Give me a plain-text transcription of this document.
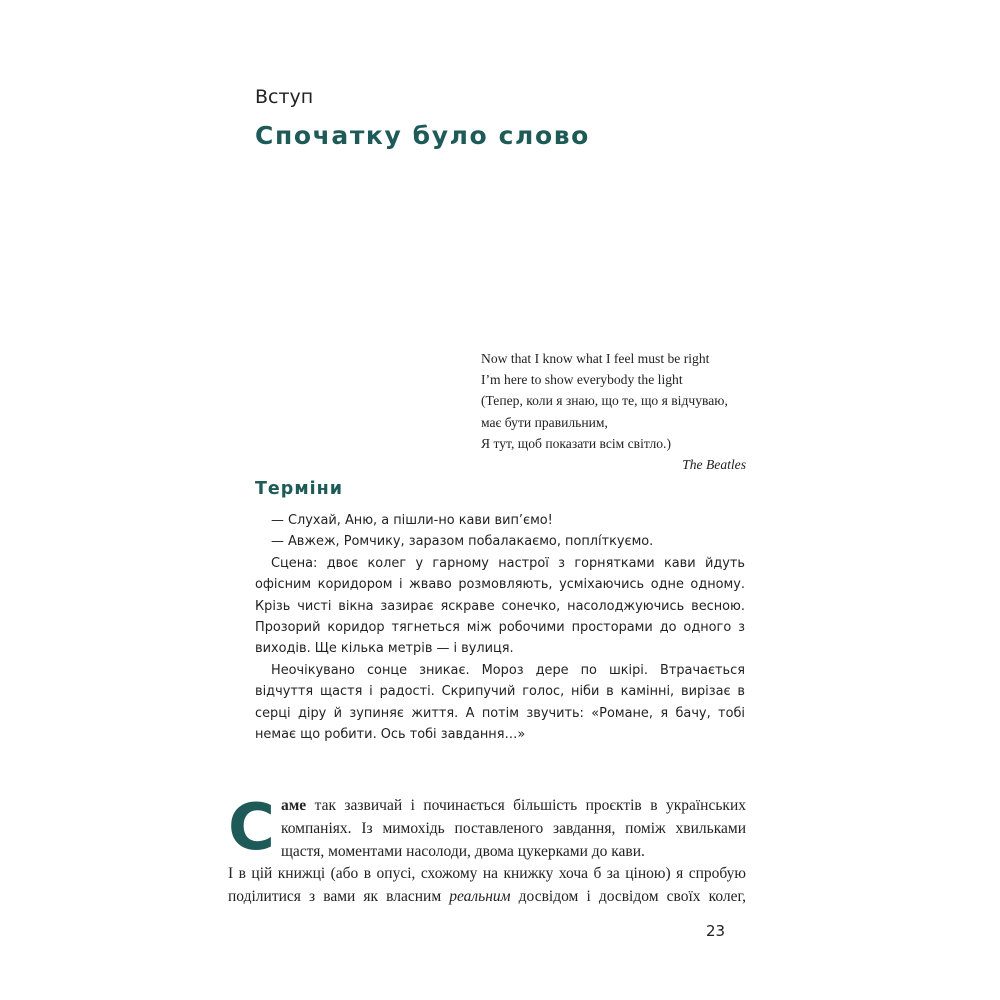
Вступ
Спочатку було слово
Now that I know what I feel must be right
I’m here to show everybody the light
(Тепер, коли я знаю, що те, що я відчуваю,
має бути правильним,
Я тут, щоб показати всім світло.)
The Beatles
Терміни

— Слухай, Аню, а пішли-но кави вип’ємо!

— Авжеж, Ромчику, зaразом побалакаємо, поплíткуємо.

Сцена: двоє колег у гарному настрої з горнятками кави йдуть офісним коридором і жваво розмовляють, усміхаючись одне одному. Крізь чисті вікна зазирає яскраве сонечко, насолоджуючись весною. Прозорий коридор тягнеться між робочими просторами до одного з виходів. Ще кілька метрів — і вулиця.

Неочікувано сонце зникає. Мороз дере по шкірі. Втрачається відчуття щастя і радості. Скрипучий голос, ніби в камінні, вирізає в серці діру й зупиняє життя. А потім звучить: «Романе, я бачу, тобі немає що робити. Ось тобі завдання…»

С аме так зазвичай і починається більшість проєктів в українських
компаніях. Із мимохідь поставленого завдання, поміж хвильками
щастя, моментами насолоди, двома цукерками до кави.

І в цій книжці (або в опусі, схожому на книжку хоча б за ціною) я спробую
поділитися з вами як власним реальним досвідом і досвідом своїх колег,

23
